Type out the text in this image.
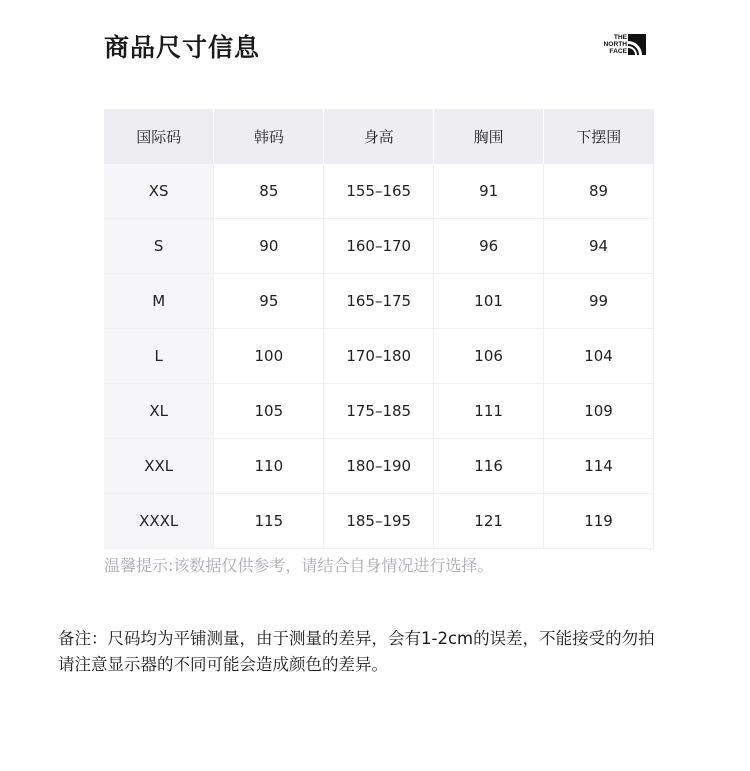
商品尺寸信息	THE
NORTH
FACE
国际码	韩码	身高	胸围	下摆围
XS	85	155–165	91	89
S	90	160–170	96	94
M	95	165–175	101	99
L	100	170–180	106	104
XL	105	175–185	111	109
XXL	110	180–190	116	114
XXXL	115	185–195	121	119
温馨提示:该数据仅供参考，请结合自身情况进行选择。
备注：尺码均为平铺测量，由于测量的差异，会有1-2cm的误差，不能接受的勿拍
请注意显示器的不同可能会造成颜色的差异。
